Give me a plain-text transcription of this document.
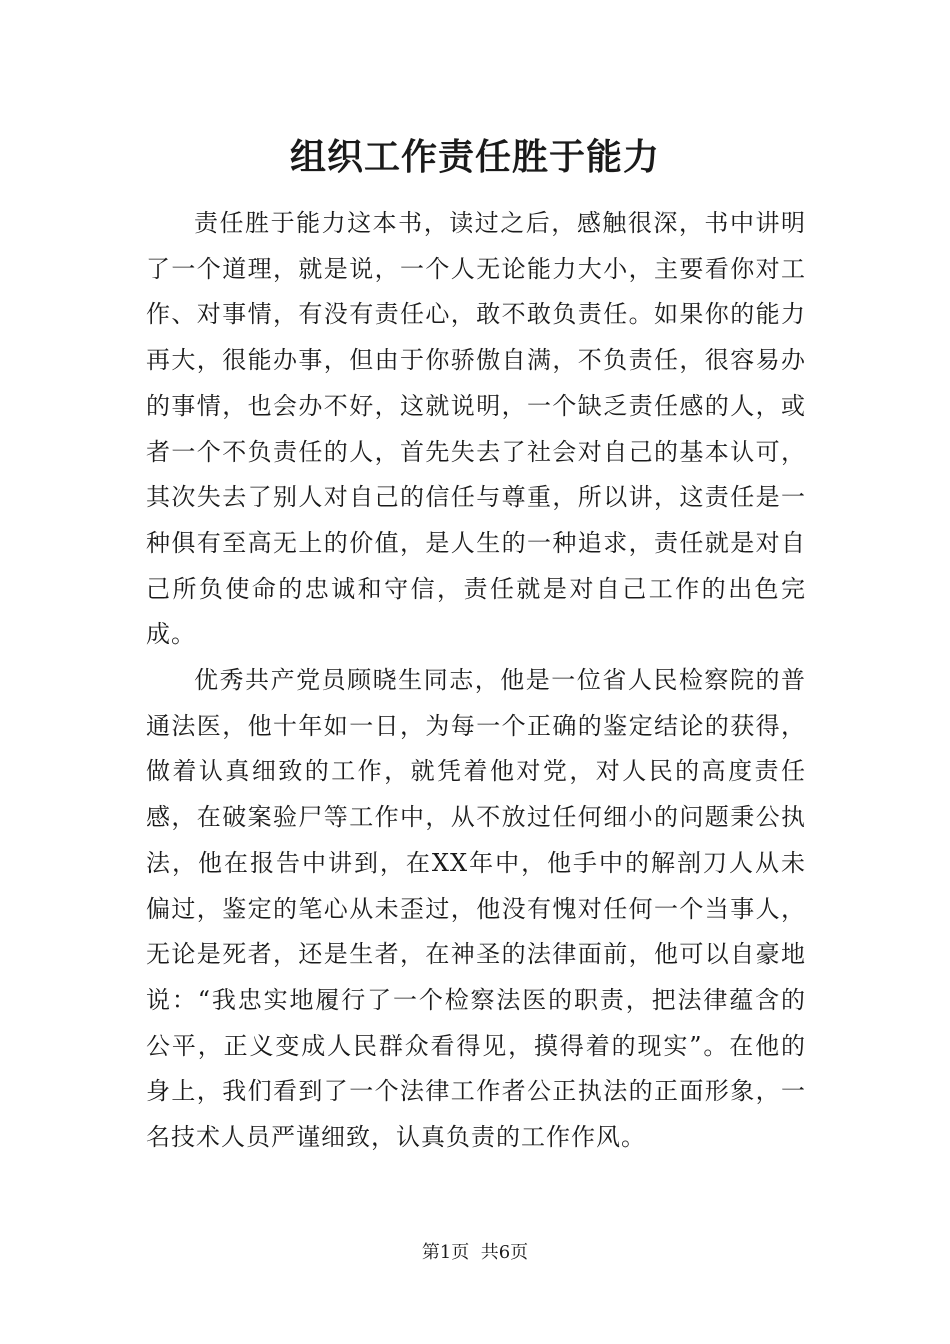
组织工作责任胜于能力

责任胜于能力这本书，读过之后，感触很深，书中讲明了一个道理，就是说，一个人无论能力大小，主要看你对工作、对事情，有没有责任心，敢不敢负责任。如果你的能力再大，很能办事，但由于你骄傲自满，不负责任，很容易办的事情，也会办不好，这就说明，一个缺乏责任感的人，或者一个不负责任的人，首先失去了社会对自己的基本认可，其次失去了别人对自己的信任与尊重，所以讲，这责任是一种俱有至高无上的价值，是人生的一种追求，责任就是对自己所负使命的忠诚和守信，责任就是对自己工作的出色完成。

优秀共产党员顾晓生同志，他是一位省人民检察院的普通法医，他十年如一日，为每一个正确的鉴定结论的获得，做着认真细致的工作，就凭着他对党，对人民的高度责任感，在破案验尸等工作中，从不放过任何细小的问题秉公执法，他在报告中讲到，在XX年中，他手中的解剖刀人从未偏过，鉴定的笔心从未歪过，他没有愧对任何一个当事人，无论是死者，还是生者，在神圣的法律面前，他可以自豪地说：“我忠实地履行了一个检察法医的职责，把法律蕴含的公平，正义变成人民群众看得见，摸得着的现实”。在他的身上，我们看到了一个法律工作者公正执法的正面形象，一名技术人员严谨细致，认真负责的工作作风。

第1页 共6页
